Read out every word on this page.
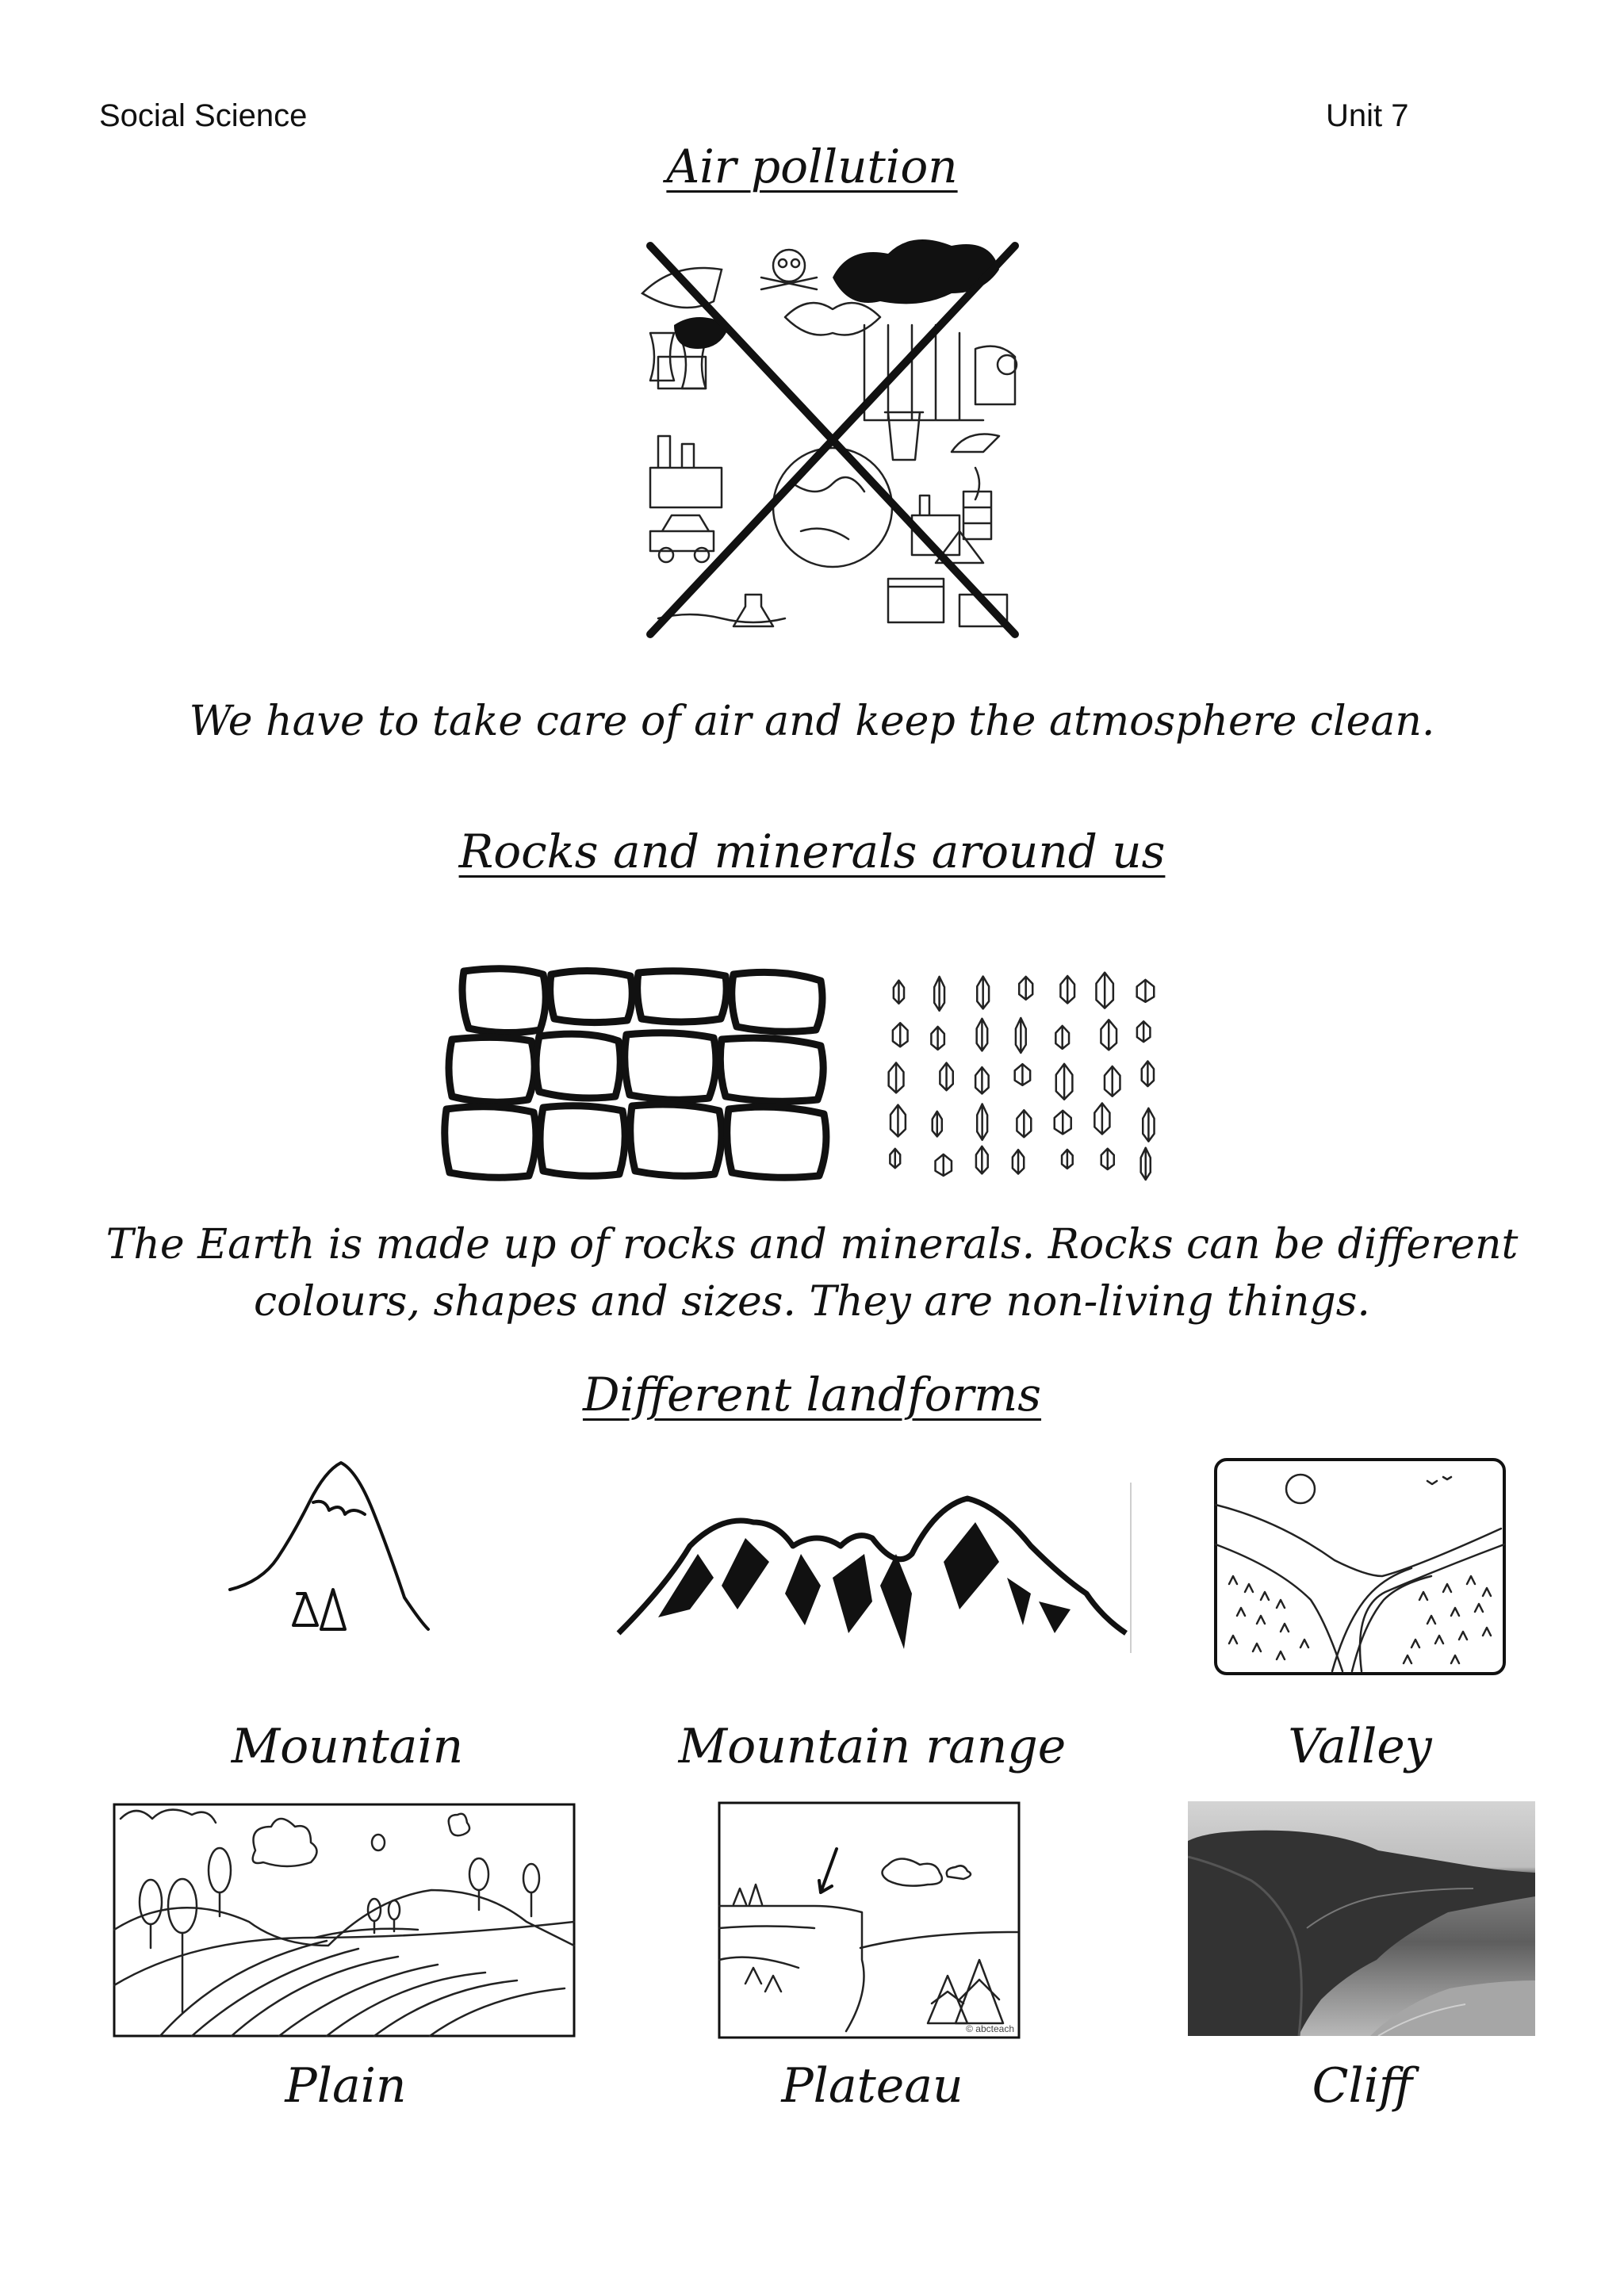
Social Science	Unit 7
Air pollution
We have to take care of air and keep the atmosphere clean.
Rocks and minerals around us
The Earth is made up of rocks and minerals. Rocks can be different
colours, shapes and sizes. They are non-living things.
Different landforms
Mountain	Mountain range	Valley
© abcteach
Plain	Plateau	Cliff
